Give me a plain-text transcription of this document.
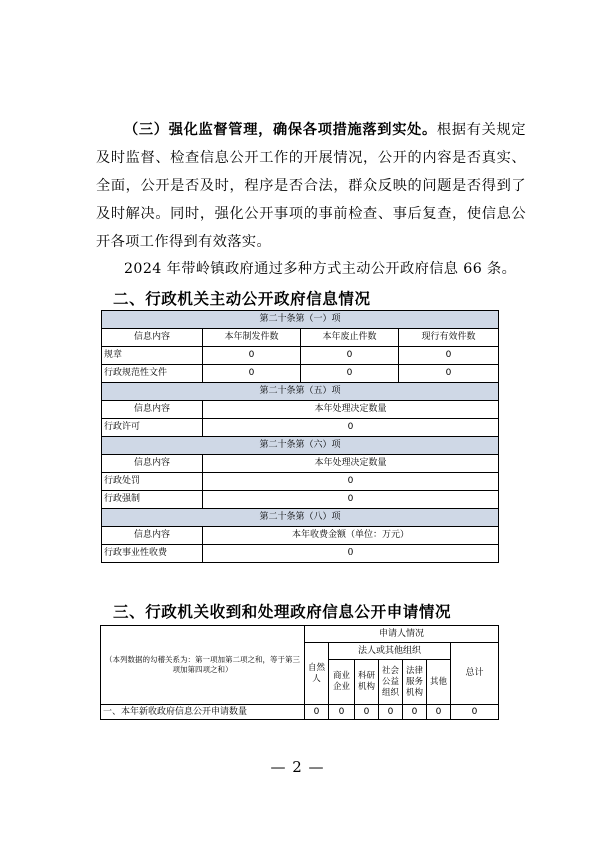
（三）强化监督管理，确保各项措施落到实处。根据有关规定及时监督、检查信息公开工作的开展情况，公开的内容是否真实、全面，公开是否及时，程序是否合法，群众反映的问题是否得到了及时解决。同时，强化公开事项的事前检查、事后复查，使信息公开各项工作得到有效落实。

2024 年带岭镇政府通过多种方式主动公开政府信息 66 条。

二、行政机关主动公开政府信息情况
第二十条第（一）项			
信息内容	本年制发件数	本年废止件数	现行有效件数
规章	0	0	0
行政规范性文件	0	0	0
第二十条第（五）项			
信息内容	本年处理决定数量		
行政许可	0		
第二十条第（六）项			
信息内容	本年处理决定数量		
行政处罚	0		
行政强制	0		
第二十条第（八）项			
信息内容	本年收费金额（单位：万元）		
行政事业性收费	0		
三、行政机关收到和处理政府信息公开申请情况
（本列数据的勾稽关系为：第一项加第二项之和，等于第三项加第四项之和）	申请人情况						
	自然人	法人或其他组织					总计
		商业企业	科研机构	社会公益组织	法律服务机构	其他	

一、本年新收政府信息公开申请数量	0	0	0	0	0	0	0
— 2 —
